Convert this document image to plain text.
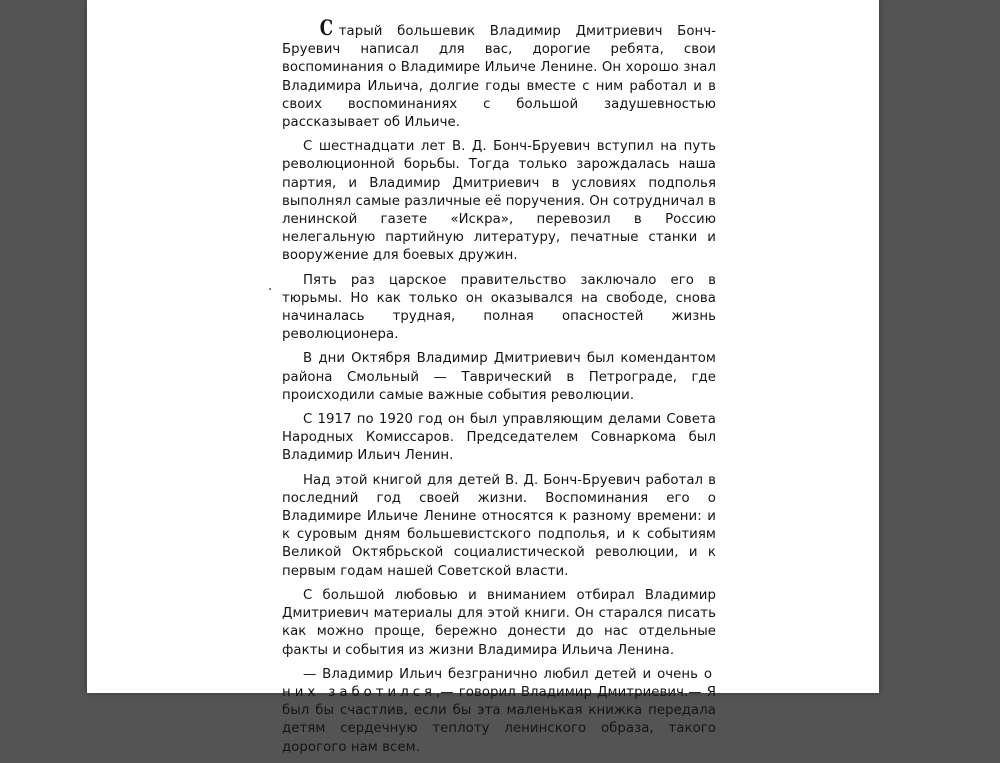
Старый большевик Владимир Дмитриевич Бонч-Бруевич написал для вас, дорогие ребята, свои воспоминания о Владимире Ильиче Ленине. Он хорошо знал Владимира Ильича, долгие годы вместе с ним работал и в своих воспоминаниях с большой задушевностью рассказывает об Ильиче.

С шестнадцати лет В. Д. Бонч-Бруевич вступил на путь революционной борьбы. Тогда только зарождалась наша партия, и Владимир Дмитриевич в условиях подполья выполнял самые различные её поручения. Он сотрудничал в ленинской газете «Искра», перевозил в Россию нелегальную партийную литературу, печатные станки и вооружение для боевых дружин.

Пять раз царское правительство заключало его в тюрьмы. Но как только он оказывался на свободе, снова начиналась трудная, полная опасностей жизнь революционера.

В дни Октября Владимир Дмитриевич был комендантом района Смольный — Таврический в Петрограде, где происходили самые важные события революции.

С 1917 по 1920 год он был управляющим делами Совета Народных Комиссаров. Председателем Совнаркома был Владимир Ильич Ленин.

Над этой книгой для детей В. Д. Бонч-Бруевич работал в последний год своей жизни. Воспоминания его о Владимире Ильиче Ленине относятся к разному времени: и к суровым дням большевистского подполья, и к событиям Великой Октябрьской социалистической революции, и к первым годам нашей Советской власти.

С большой любовью и вниманием отбирал Владимир Дмитриевич материалы для этой книги. Он старался писать как можно проще, бережно донести до нас отдельные факты и события из жизни Владимира Ильича Ленина.

— Владимир Ильич безгранично любил детей и очень о них заботился,— говорил Владимир Дмитриевич.— Я был бы счастлив, если бы эта маленькая книжка передала детям сердечную теплоту ленинского образа, такого дорогого нам всем.
